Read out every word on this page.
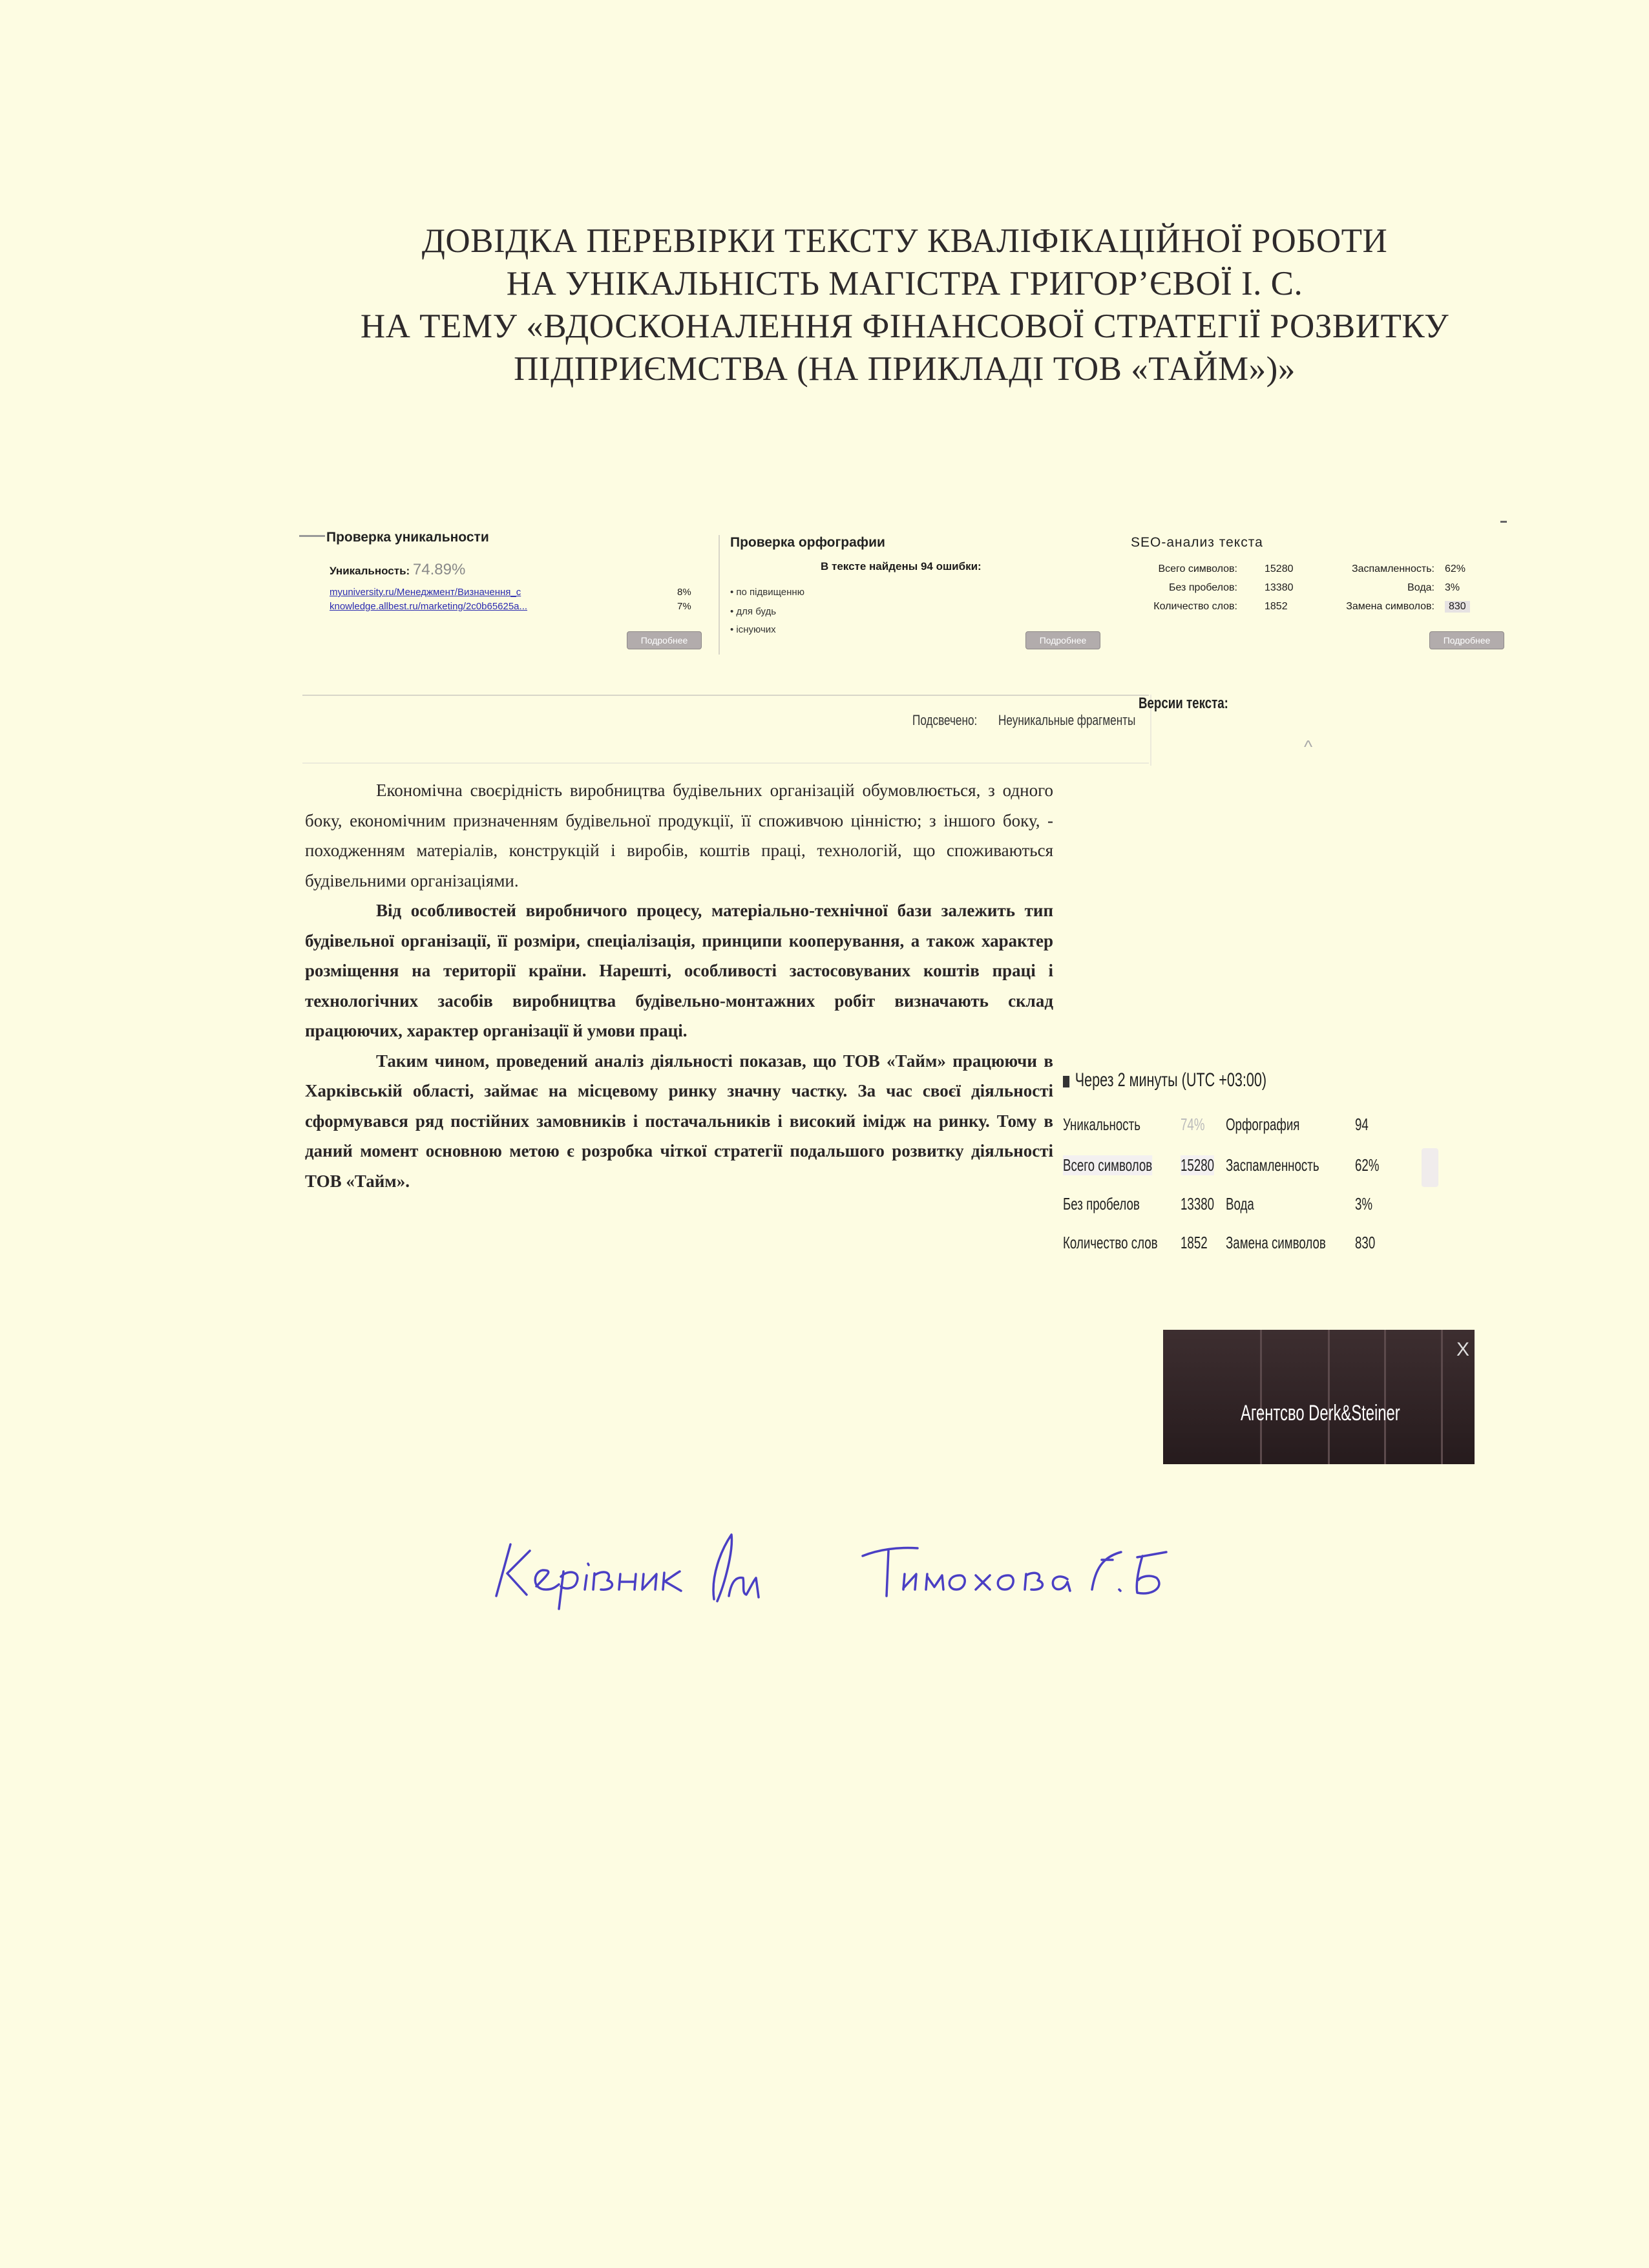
ДОВІДКА ПЕРЕВІРКИ ТЕКСТУ КВАЛІФІКАЦІЙНОЇ РОБОТИ
НА УНІКАЛЬНІСТЬ МАГІСТРА ГРИГОР’ЄВОЇ І. С.
НА ТЕМУ «ВДОСКОНАЛЕННЯ ФІНАНСОВОЇ СТРАТЕГІЇ РОЗВИТКУ
ПІДПРИЄМСТВА (НА ПРИКЛАДІ ТОВ «ТАЙМ»)»
Проверка уникальности
Уникальность: 74.89%
myuniversity.ru/Менеджмент/Визначення_с	8%
knowledge.allbest.ru/marketing/2c0b65625a...	7%
Подробнее
Проверка орфографии
В тексте найдены 94 ошибки:
• по підвищенню
• для будь
• існуючих
Подробнее
SEO-анализ текста
Всего символов:	15280	Заспамленность: 62%
Без пробелов:	13380	Вода: 3%
Количество слов:	1852	Замена символов:	830
Подробнее
Подсвечено: Неуникальные фрагменты
Версии текста:
^

Економічна своєрідність виробництва будівельних організацій обумовлюється, з одного боку, економічним призначенням будівельної продукції, її споживчою цінністю; з іншого боку, - походженням матеріалів, конструкцій і виробів, коштів праці, технологій, що споживаються будівельними організаціями.

Від особливостей виробничого процесу, матеріально-технічної бази залежить тип будівельної організації, її розміри, спеціалізація, принципи кооперування, а також характер розміщення на території країни. Нарешті, особливості застосовуваних коштів праці і технологічних засобів виробництва будівельно-монтажних робіт визначають склад працюючих, характер організації й умови праці.

Таким чином, проведений аналіз діяльності показав, що ТОВ «Тайм» працюючи в Харківській області, займає на місцевому ринку значну частку. За час своєї діяльності сформувався ряд постійних замовників і постачальників і високий імідж на ринку. Тому в даний момент основною метою є розробка чіткої стратегії подальшого розвитку діяльності ТОВ «Тайм».

Через 2 минуты (UTC +03:00)
Уникальность 74% Орфография	94
Всего символов 15280 Заспамленность 62%
Без пробелов 13380 Вода	3%
Количество слов 1852 Замена символов 830
Агентсво Derk&Steiner
X
